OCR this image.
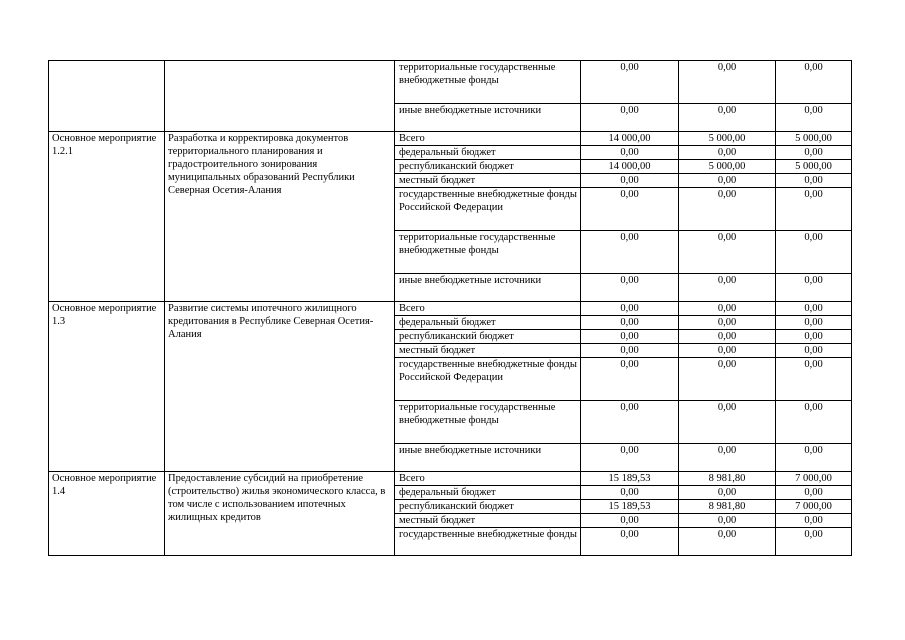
		территориальные государственные внебюджетные фонды	0,00	0,00	0,00
		иные внебюджетные источники	0,00	0,00	0,00
Основное мероприятие 1.2.1	Разработка и корректировка документов территориального планирования и градостроительного зонирования муниципальных образований Республики Северная Осетия-Алания	Всего	14 000,00	5 000,00	5 000,00
		федеральный бюджет	0,00	0,00	0,00
		республиканский бюджет	14 000,00	5 000,00	5 000,00
		местный бюджет	0,00	0,00	0,00
		государственные внебюджетные фонды Российской Федерации	0,00	0,00	0,00
		территориальные государственные внебюджетные фонды	0,00	0,00	0,00
		иные внебюджетные источники	0,00	0,00	0,00
Основное мероприятие 1.3	Развитие системы ипотечного жилищного кредитования в Республике Северная Осетия-Алания	Всего	0,00	0,00	0,00
		федеральный бюджет	0,00	0,00	0,00
		республиканский бюджет	0,00	0,00	0,00
		местный бюджет	0,00	0,00	0,00
		государственные внебюджетные фонды Российской Федерации	0,00	0,00	0,00
		территориальные государственные внебюджетные фонды	0,00	0,00	0,00
		иные внебюджетные источники	0,00	0,00	0,00
Основное мероприятие 1.4	Предоставление субсидий на приобретение (строительство) жилья экономического класса, в том числе с использованием ипотечных жилищных кредитов	Всего	15 189,53	8 981,80	7 000,00
		федеральный бюджет	0,00	0,00	0,00
		республиканский бюджет	15 189,53	8 981,80	7 000,00
		местный бюджет	0,00	0,00	0,00
		государственные внебюджетные фонды	0,00	0,00	0,00
